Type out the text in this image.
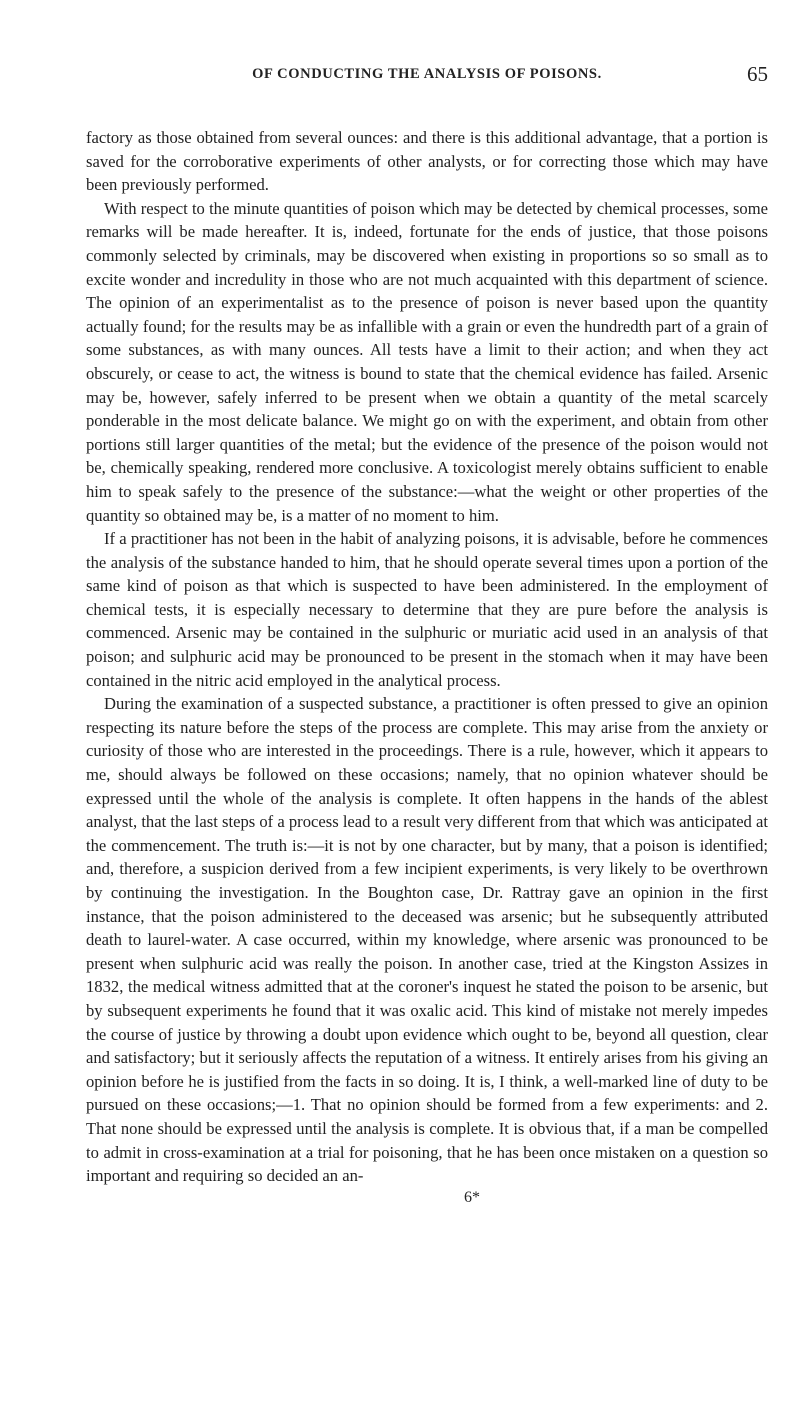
OF CONDUCTING THE ANALYSIS OF POISONS.	65

factory as those obtained from several ounces: and there is this additional advantage, that a portion is saved for the corroborative experiments of other analysts, or for correcting those which may have been previously performed.

With respect to the minute quantities of poison which may be detected by chemical processes, some remarks will be made hereafter. It is, indeed, fortunate for the ends of justice, that those poisons commonly selected by criminals, may be discovered when existing in proportions so so small as to excite wonder and incredulity in those who are not much acquainted with this department of science. The opinion of an experimentalist as to the presence of poison is never based upon the quantity actually found; for the results may be as infallible with a grain or even the hundredth part of a grain of some substances, as with many ounces. All tests have a limit to their action; and when they act obscurely, or cease to act, the witness is bound to state that the chemical evidence has failed. Arsenic may be, however, safely inferred to be present when we obtain a quantity of the metal scarcely ponderable in the most delicate balance. We might go on with the experiment, and obtain from other portions still larger quantities of the metal; but the evidence of the presence of the poison would not be, chemically speaking, rendered more conclusive. A toxicologist merely obtains sufficient to enable him to speak safely to the presence of the substance:—what the weight or other properties of the quantity so obtained may be, is a matter of no moment to him.

If a practitioner has not been in the habit of analyzing poisons, it is advisable, before he commences the analysis of the substance handed to him, that he should operate several times upon a portion of the same kind of poison as that which is suspected to have been administered. In the employment of chemical tests, it is especially necessary to determine that they are pure before the analysis is commenced. Arsenic may be contained in the sulphuric or muriatic acid used in an analysis of that poison; and sulphuric acid may be pronounced to be present in the stomach when it may have been contained in the nitric acid employed in the analytical process.

During the examination of a suspected substance, a practitioner is often pressed to give an opinion respecting its nature before the steps of the process are complete. This may arise from the anxiety or curiosity of those who are interested in the proceedings. There is a rule, however, which it appears to me, should always be followed on these occasions; namely, that no opinion whatever should be expressed until the whole of the analysis is complete. It often happens in the hands of the ablest analyst, that the last steps of a process lead to a result very different from that which was anticipated at the commencement. The truth is:—it is not by one character, but by many, that a poison is identified; and, therefore, a suspicion derived from a few incipient experiments, is very likely to be overthrown by continuing the investigation. In the Boughton case, Dr. Rattray gave an opinion in the first instance, that the poison administered to the deceased was arsenic; but he subsequently attributed death to laurel-water. A case occurred, within my knowledge, where arsenic was pronounced to be present when sulphuric acid was really the poison. In another case, tried at the Kingston Assizes in 1832, the medical witness admitted that at the coroner's inquest he stated the poison to be arsenic, but by subsequent experiments he found that it was oxalic acid. This kind of mistake not merely impedes the course of justice by throwing a doubt upon evidence which ought to be, beyond all question, clear and satisfactory; but it seriously affects the reputation of a witness. It entirely arises from his giving an opinion before he is justified from the facts in so doing. It is, I think, a well-marked line of duty to be pursued on these occasions;—1. That no opinion should be formed from a few experiments: and 2. That none should be expressed until the analysis is complete. It is obvious that, if a man be compelled to admit in cross-examination at a trial for poisoning, that he has been once mistaken on a question so important and requiring so decided an an-

6*
